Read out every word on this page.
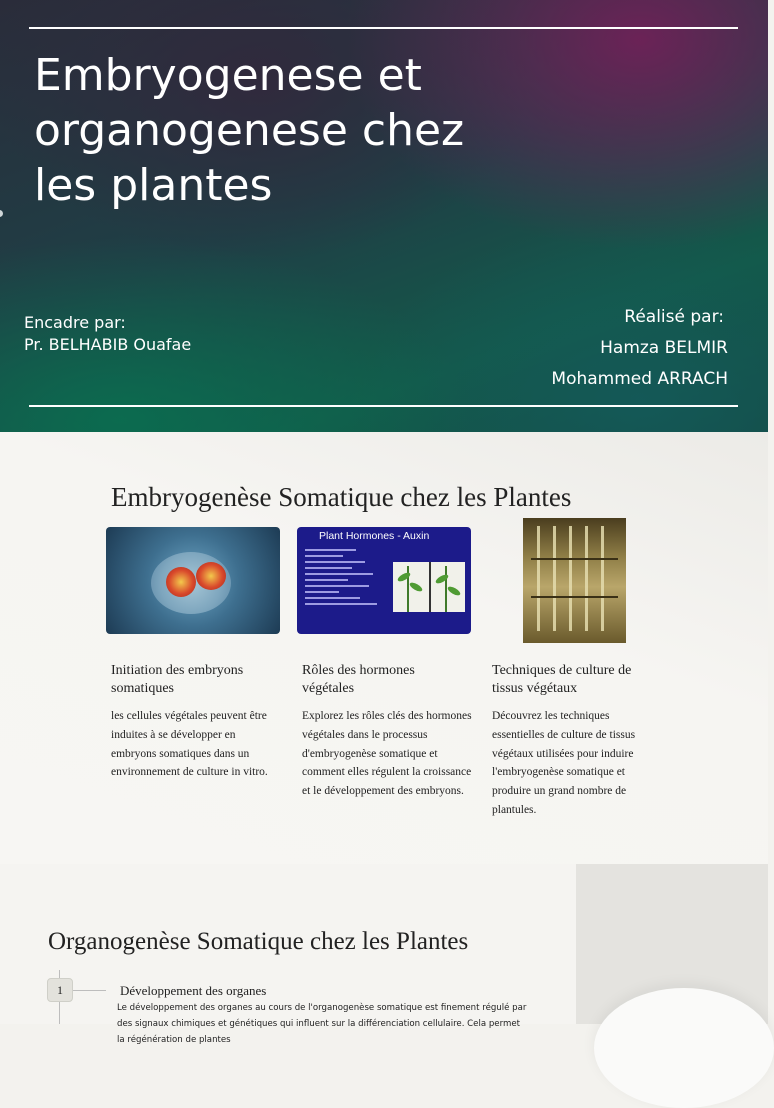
Embryogenese et organogenese chez les plantes
Encadre par:
Pr. BELHABIB Ouafae
Réalisé par:
Hamza BELMIR
Mohammed ARRACH
Embryogenèse Somatique chez les Plantes
Initiation des embryons somatiques
les cellules végétales peuvent être induites à se développer en embryons somatiques dans un environnement de culture in vitro.
Plant Hormones - Auxin
Rôles des hormones végétales
Explorez les rôles clés des hormones végétales dans le processus d'embryogenèse somatique et comment elles régulent la croissance et le développement des embryons.
Techniques de culture de tissus végétaux
Découvrez les techniques essentielles de culture de tissus végétaux utilisées pour induire l'embryogenèse somatique et produire un grand nombre de plantules.
Organogenèse Somatique chez les Plantes
1	Développement des organes
Le développement des organes au cours de l'organogenèse somatique est finement régulé par des signaux chimiques et génétiques qui influent sur la différenciation cellulaire. Cela permet la régénération de plantes
